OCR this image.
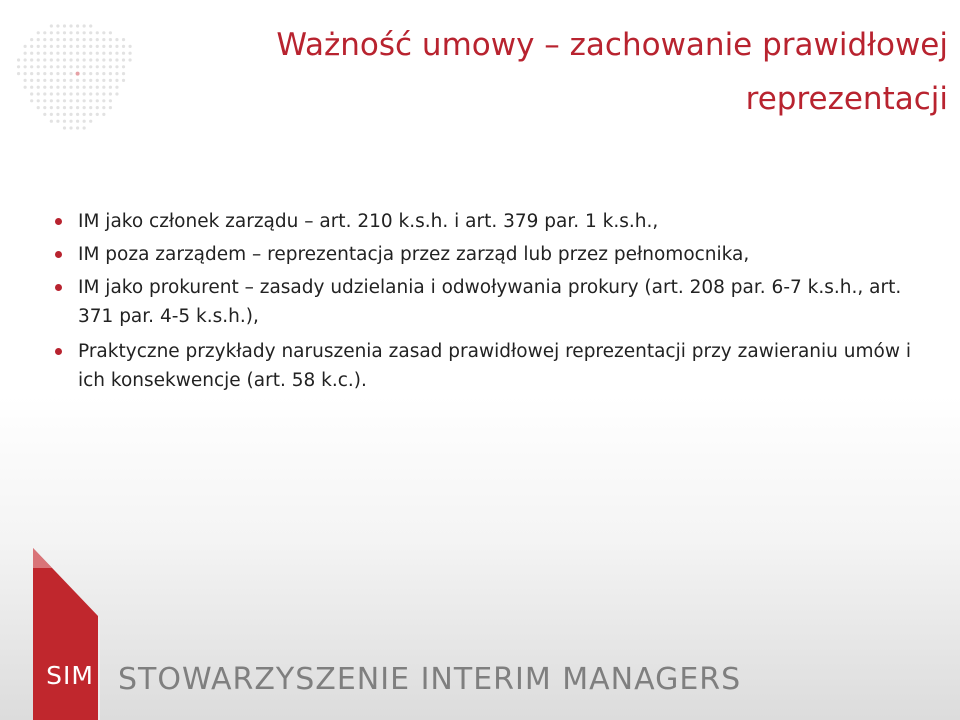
Ważność umowy – zachowanie prawidłowej
reprezentacji
IM jako członek zarządu – art. 210 k.s.h. i art. 379 par. 1 k.s.h.,
IM poza zarządem – reprezentacja przez zarząd lub przez pełnomocnika,
IM jako prokurent – zasady udzielania i odwoływania prokury (art. 208 par. 6-7 k.s.h., art. 371 par. 4-5 k.s.h.),
Praktyczne przykłady naruszenia zasad prawidłowej reprezentacji przy zawieraniu umów i ich konsekwencje (art. 58 k.c.).
SIM STOWARZYSZENIE INTERIM MANAGERS
